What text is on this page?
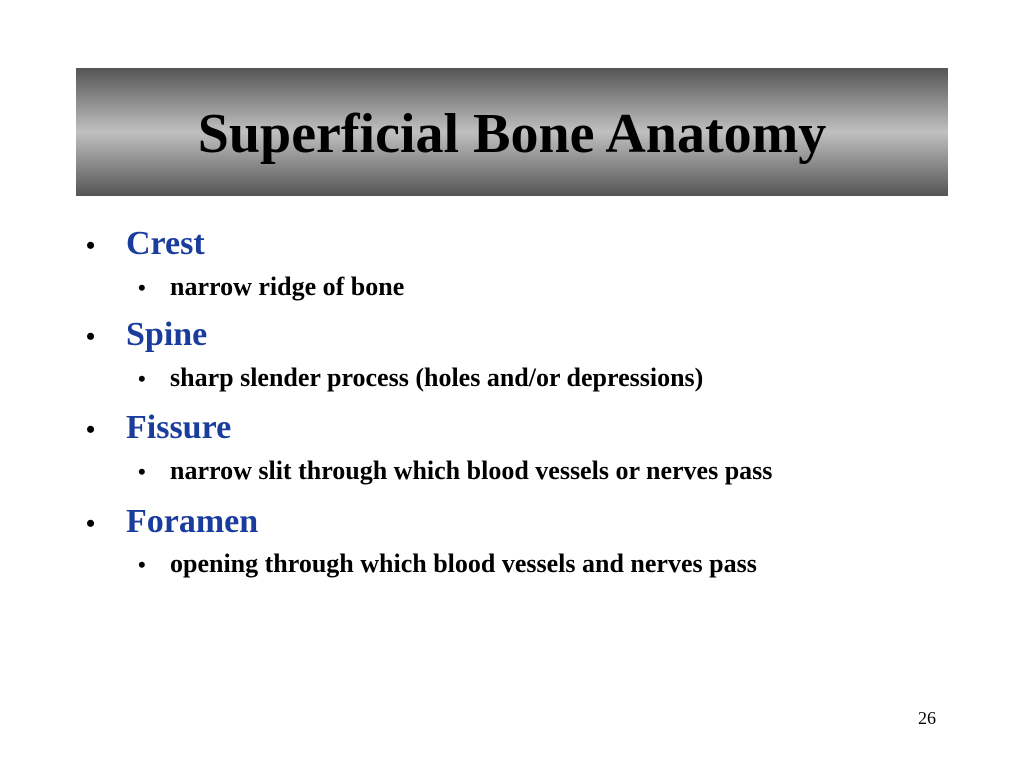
Superficial Bone Anatomy
• Crest
• narrow ridge of bone
• Spine
• sharp slender process (holes and/or depressions)
• Fissure
• narrow slit through which blood vessels or nerves pass
• Foramen
• opening through which blood vessels and nerves pass
26
